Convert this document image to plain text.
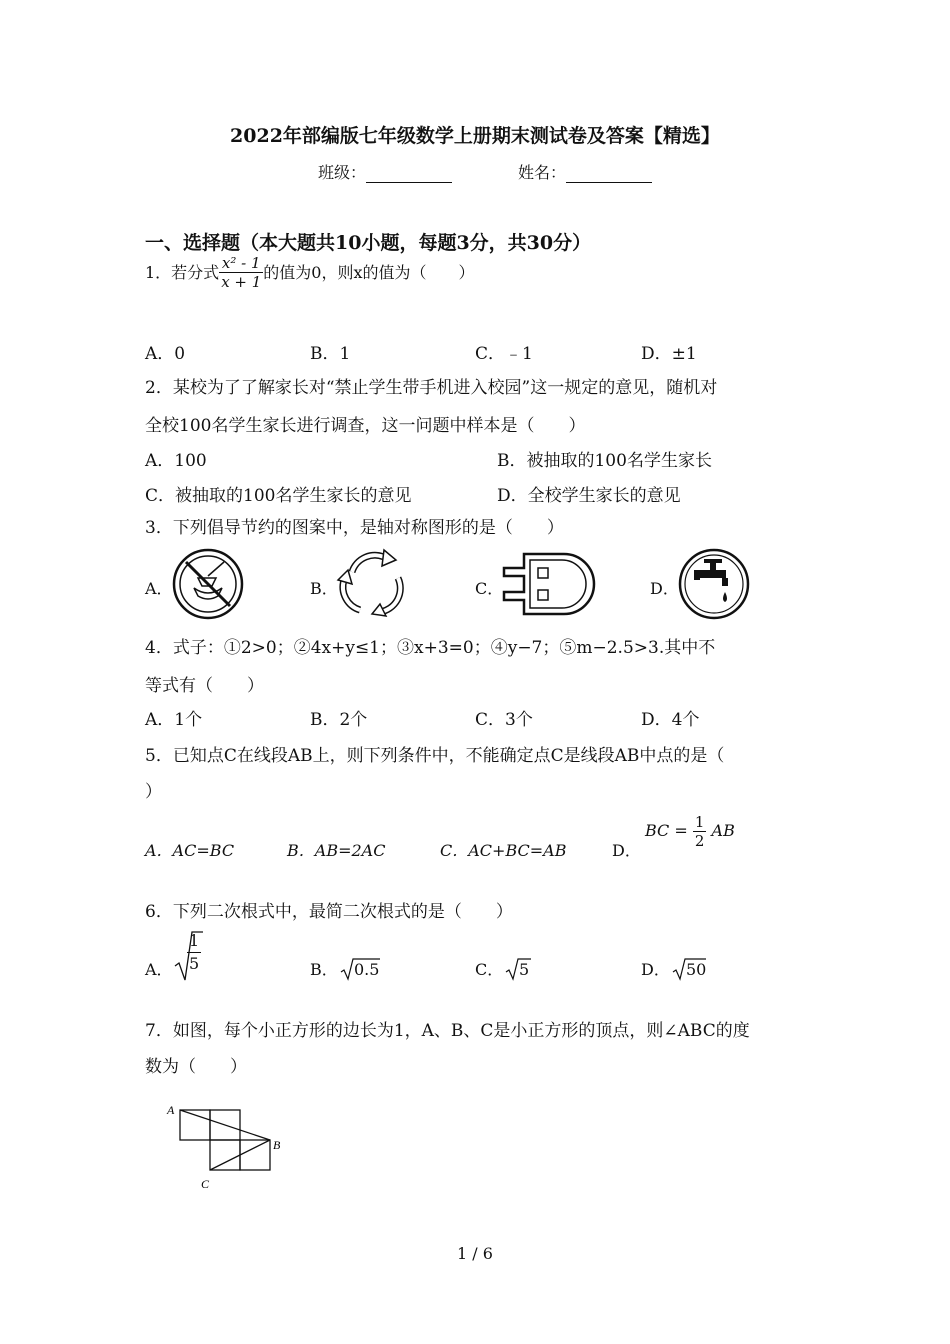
2022年部编版七年级数学上册期末测试卷及答案【精选】
班级：	姓名：
一、选择题（本大题共10小题，每题3分，共30分）
1．若分式 $\frac{\text{x² - 1}}{x + 1}$ 的值为0，则x的值为（　　）
A．0	B．1	C．﹣1	D．±1
2．某校为了了解家长对“禁止学生带手机进入校园”这一规定的意见，随机对
全校100名学生家长进行调查，这一问题中样本是（　　）
A．100	B．被抽取的100名学生家长
C．被抽取的100名学生家长的意见	D．全校学生家长的意见
3．下列倡导节约的图案中，是轴对称图形的是（　　）
A．	B．	C．	D．
4．式子：①2>0；②4x+y≤1；③x+3=0；④y−7；⑤m−2.5>3.其中不
等式有（　　）
A．1个	B．2个	C．3个	D．4个
5．已知点C在线段AB上，则下列条件中，不能确定点C是线段AB中点的是（
）
A．AC=BC	B．AB=2AC	C．AC+BC=AB	D．
BC = $\frac{1}{2}$ AB
6．下列二次根式中，最简二次根式的是（　　）
A．	B．	C．	D．
$\frac{1}{5}$	0.5	5	50
7．如图，每个小正方形的边长为1，A、B、C是小正方形的顶点，则∠ABC的度
数为（　　）
A
B
C
1 / 6
